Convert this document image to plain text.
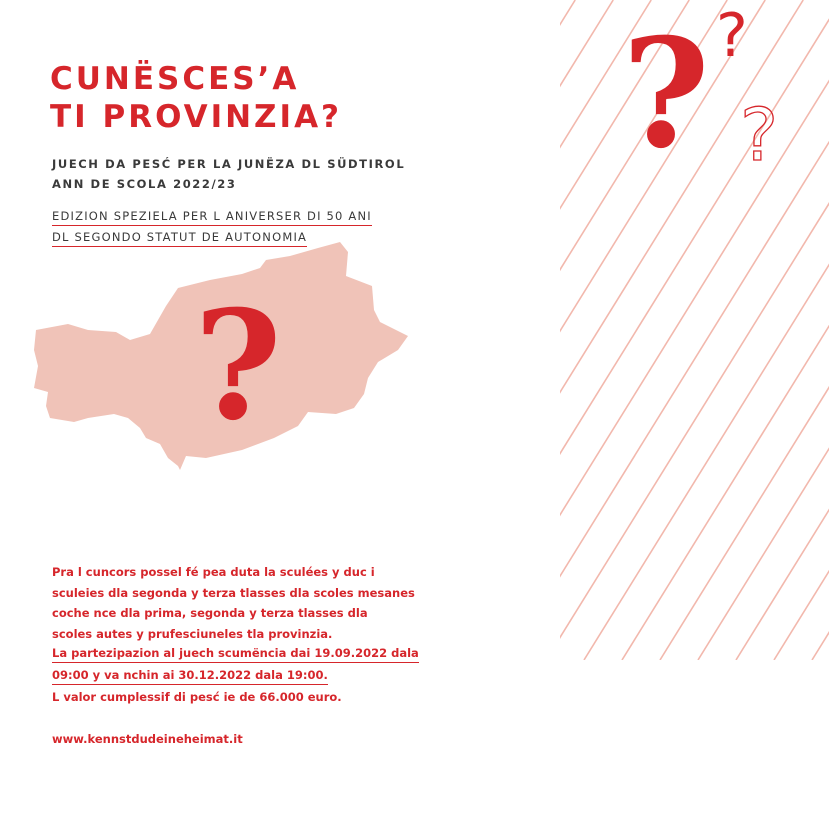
? ?
?
CUNËSCES’A
TI PROVINZIA?
JUECH DA PESĆ PER LA JUNËZA DL SÜDTIROL
ANN DE SCOLA 2022/23
EDIZION SPEZIELA PER L ANIVERSER DI 50 ANI
DL SEGONDO STATUT DE AUTONOMIA
?
Pra l cuncors possel fé pea duta la sculées y duc i
sculeies dla segonda y terza tlasses dla scoles mesanes
coche nce dla prima, segonda y terza tlasses dla
scoles autes y prufesciuneles tla provinzia.
La partezipazion al juech scumëncia dai 19.09.2022 dala
09:00 y va nchin ai 30.12.2022 dala 19:00.
L valor cumplessif di pesć ie de 66.000 euro.
www.kennstdudeineheimat.it
